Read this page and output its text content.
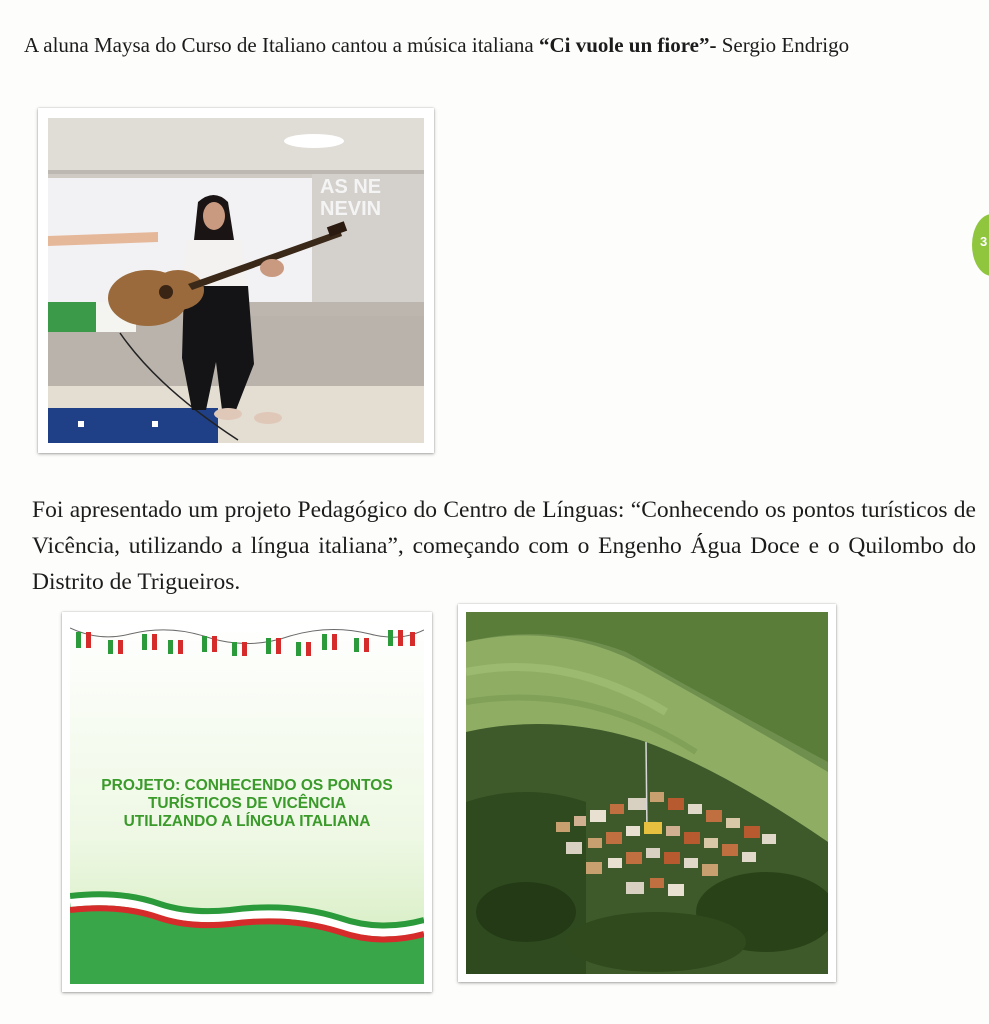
A aluna Maysa do Curso de Italiano cantou a música italiana “Ci vuole un fiore”- Sergio Endrigo

3
AS NE
NEVIN

Foi apresentado um projeto Pedagógico do Centro de Línguas: “Conhecendo os pontos turísticos de Vicência, utilizando a língua italiana”, começando com o Engenho Água Doce e o Quilombo do Distrito de Trigueiros.

PROJETO: CONHECENDO OS PONTOS
TURÍSTICOS DE VICÊNCIA
UTILIZANDO A LÍNGUA ITALIANA
